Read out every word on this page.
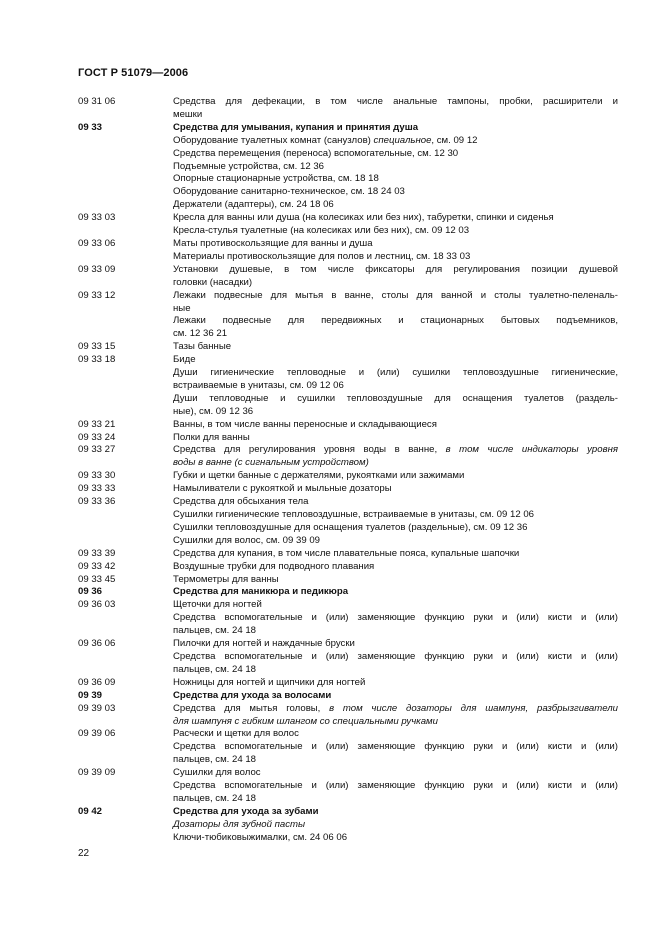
ГОСТ Р 51079—2006
09 31 06	Средства для дефекации, в том числе анальные тампоны, пробки, расширители и
мешки
09 33	Средства для умывания, купания и принятия душа
Оборудование туалетных комнат (санузлов) специальное, см. 09 12
Средства перемещения (переноса) вспомогательные, см. 12 30
Подъемные устройства, см. 12 36
Опорные стационарные устройства, см. 18 18
Оборудование санитарно-техническое, см. 18 24 03
Держатели (адаптеры), см. 24 18 06
09 33 03	Кресла для ванны или душа (на колесиках или без них), табуретки, спинки и сиденья
Кресла-стулья туалетные (на колесиках или без них), см. 09 12 03
09 33 06	Маты противоскользящие для ванны и душа
Материалы противоскользящие для полов и лестниц, см. 18 33 03
09 33 09	Установки душевые, в том числе фиксаторы для регулирования позиции душевой
головки (насадки)
09 33 12	Лежаки подвесные для мытья в ванне, столы для ванной и столы туалетно-пеленаль-
ные
Лежаки подвесные для передвижных и стационарных бытовых подъемников,
см. 12 36 21
09 33 15	Тазы банные
09 33 18	Биде
Души гигиенические тепловодные и (или) сушилки тепловоздушные гигиенические,
встраиваемые в унитазы, см. 09 12 06
Души тепловодные и сушилки тепловоздушные для оснащения туалетов (раздель-
ные), см. 09 12 36
09 33 21	Ванны, в том числе ванны переносные и складывающиеся
09 33 24	Полки для ванны
09 33 27	Средства для регулирования уровня воды в ванне, в том числе индикаторы уровня
воды в ванне (с сигнальным устройством)
09 33 30	Губки и щетки банные с держателями, рукоятками или зажимами
09 33 33	Намыливатели с рукояткой и мыльные дозаторы
09 33 36	Средства для обсыхания тела
Сушилки гигиенические тепловоздушные, встраиваемые в унитазы, см. 09 12 06
Сушилки тепловоздушные для оснащения туалетов (раздельные), см. 09 12 36
Сушилки для волос, см. 09 39 09
09 33 39	Средства для купания, в том числе плавательные пояса, купальные шапочки
09 33 42	Воздушные трубки для подводного плавания
09 33 45	Термометры для ванны
09 36	Средства для маникюра и педикюра
09 36 03	Щеточки для ногтей
Средства вспомогательные и (или) заменяющие функцию руки и (или) кисти и (или)
пальцев, см. 24 18
09 36 06	Пилочки для ногтей и наждачные бруски
Средства вспомогательные и (или) заменяющие функцию руки и (или) кисти и (или)
пальцев, см. 24 18
09 36 09	Ножницы для ногтей и щипчики для ногтей
09 39	Средства для ухода за волосами
09 39 03	Средства для мытья головы, в том числе дозаторы для шампуня, разбрызгиватели
для шампуня с гибким шлангом со специальными ручками
09 39 06	Расчески и щетки для волос
Средства вспомогательные и (или) заменяющие функцию руки и (или) кисти и (или)
пальцев, см. 24 18
09 39 09	Сушилки для волос
Средства вспомогательные и (или) заменяющие функцию руки и (или) кисти и (или)
пальцев, см. 24 18
09 42	Средства для ухода за зубами
Дозаторы для зубной пасты
Ключи-тюбиковыжималки, см. 24 06 06
22
